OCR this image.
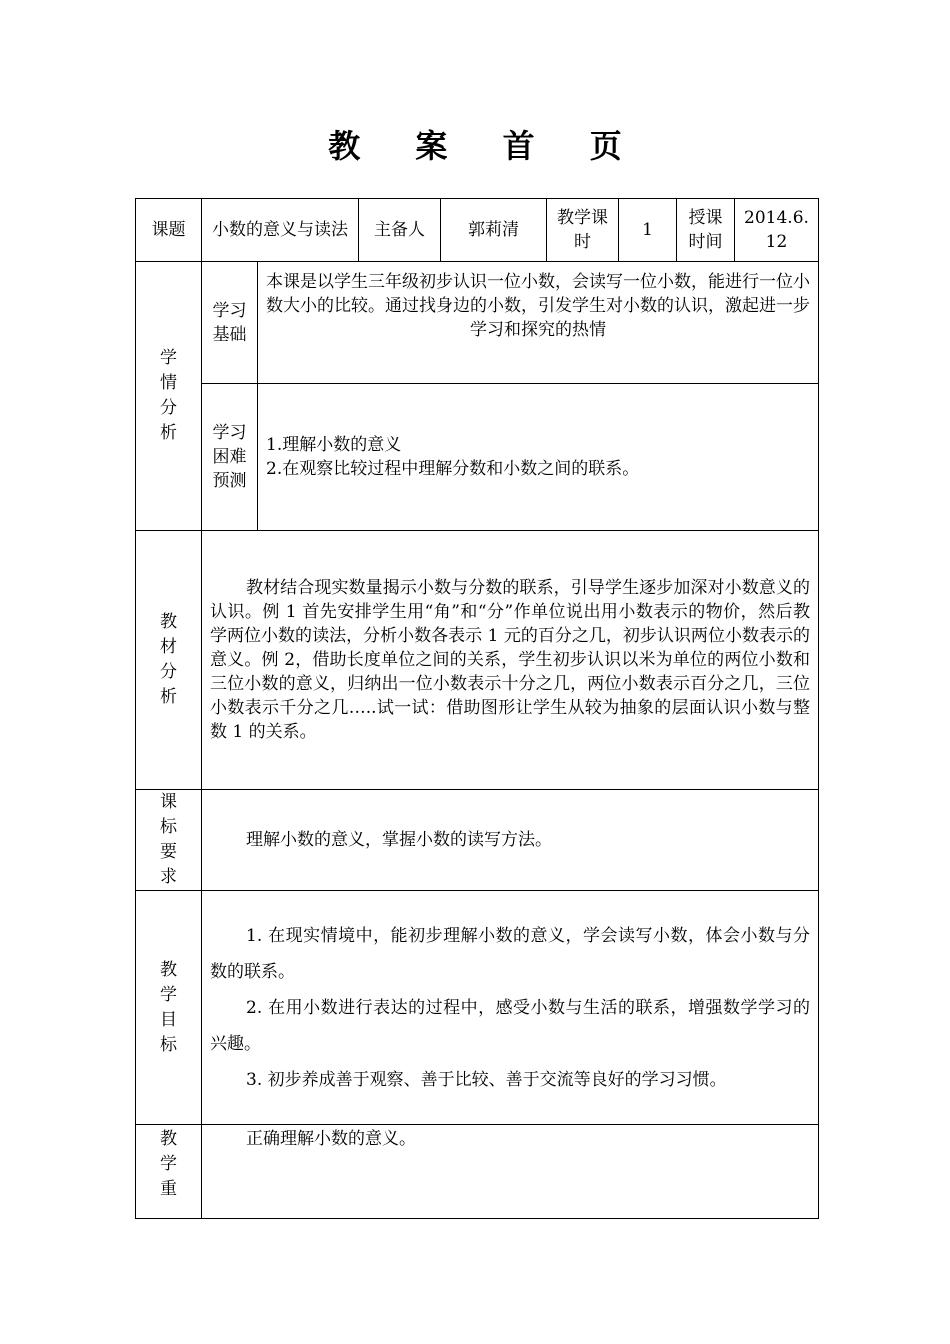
教 案 首 页
课题	小数的意义与读法		主备人	郭莉清	教学课时	1	授课时间	2014.6.12

学情分析	学习基础	本课是以学生三年级初步认识一位小数，会读写一位小数，能进行一位小数大小的比较。通过找身边的小数，引发学生对小数的认识，激起进一步学习和探究的热情						

	学习困难预测	1.理解小数的意义
2.在观察比较过程中理解分数和小数之间的联系。						

教材分析	教材结合现实数量揭示小数与分数的联系，引导学生逐步加深对小数意义的认识。例 1 首先安排学生用“角”和“分”作单位说出用小数表示的物价，然后教学两位小数的读法，分析小数各表示 1 元的百分之几，初步认识两位小数表示的意义。例 2，借助长度单位之间的关系，学生初步认识以米为单位的两位小数和三位小数的意义，归纳出一位小数表示十分之几，两位小数表示百分之几，三位小数表示千分之几…..试一试：借助图形让学生从较为抽象的层面认识小数与整数 1 的关系。							

课标要求	理解小数的意义，掌握小数的读写方法。							

教学目标	1. 在现实情境中，能初步理解小数的意义，学会读写小数，体会小数与分数的联系。

2. 在用小数进行表达的过程中，感受小数与生活的联系，增强数学学习的兴趣。

3. 初步养成善于观察、善于比较、善于交流等良好的学习习惯。							

教学重	正确理解小数的意义。							
